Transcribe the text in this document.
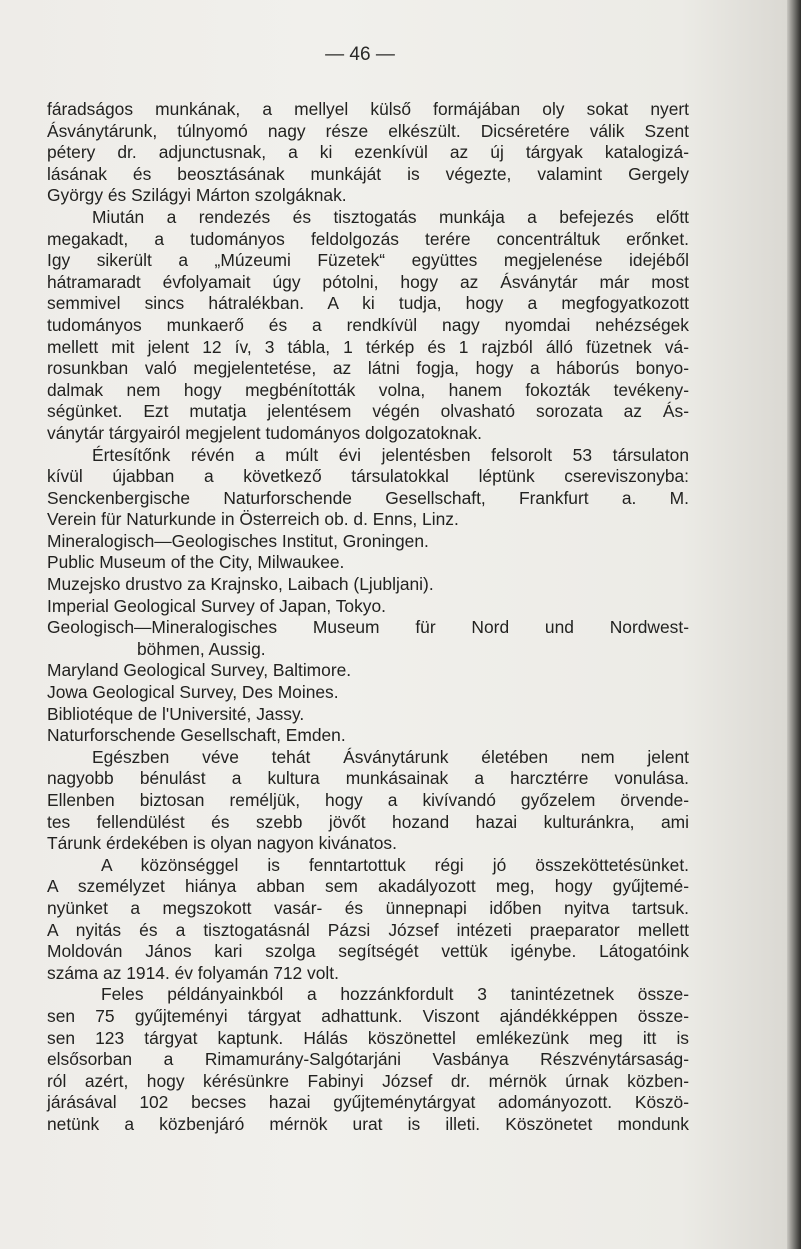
— 46 —
fáradságos munkának, a mellyel külső formájában oly sokat nyert
Ásványtárunk, túlnyomó nagy része elkészült. Dicséretére válik Szent
pétery dr. adjunctusnak, a ki ezenkívül az új tárgyak katalogizá-
lásának és beosztásának munkáját is végezte, valamint Gergely
György és Szilágyi Márton szolgáknak.
Miután a rendezés és tisztogatás munkája a befejezés előtt
megakadt, a tudományos feldolgozás terére concentráltuk erőnket.
Igy sikerült a „Múzeumi Füzetek“ együttes megjelenése idejéből
hátramaradt évfolyamait úgy pótolni, hogy az Ásványtár már most
semmivel sincs hátralékban. A ki tudja, hogy a megfogyatkozott
tudományos munkaerő és a rendkívül nagy nyomdai nehézségek
mellett mit jelent 12 ív, 3 tábla, 1 térkép és 1 rajzból álló füzetnek vá-
rosunkban való megjelentetése, az látni fogja, hogy a háborús bonyo-
dalmak nem hogy megbénították volna, hanem fokozták tevékeny-
ségünket. Ezt mutatja jelentésem végén olvasható sorozata az Ás-
ványtár tárgyairól megjelent tudományos dolgozatoknak.
Értesítőnk révén a múlt évi jelentésben felsorolt 53 társulaton
kívül újabban a következő társulatokkal léptünk csereviszonyba:
Senckenbergische Naturforschende Gesellschaft, Frankfurt a. M.
Verein für Naturkunde in Österreich ob. d. Enns, Linz.
Mineralogisch—Geologisches Institut, Groningen.
Public Museum of the City, Milwaukee.
Muzejsko drustvo za Krajnsko, Laibach (Ljubljani).
Imperial Geological Survey of Japan, Tokyo.
Geologisch—Mineralogisches Museum für Nord und Nordwest-
böhmen, Aussig.
Maryland Geological Survey, Baltimore.
Jowa Geological Survey, Des Moines.
Bibliotéque de l'Université, Jassy.
Naturforschende Gesellschaft, Emden.
Egészben véve tehát Ásványtárunk életében nem jelent
nagyobb bénulást a kultura munkásainak a harcztérre vonulása.
Ellenben biztosan reméljük, hogy a kivívandó győzelem örvende-
tes fellendülést és szebb jövőt hozand hazai kulturánkra, ami
Tárunk érdekében is olyan nagyon kivánatos.
A közönséggel is fenntartottuk régi jó összeköttetésünket.
A személyzet hiánya abban sem akadályozott meg, hogy gyűjtemé-
nyünket a megszokott vasár- és ünnepnapi időben nyitva tartsuk.
A nyitás és a tisztogatásnál Pázsi József intézeti praeparator mellett
Moldován János kari szolga segítségét vettük igénybe. Látogatóink
száma az 1914. év folyamán 712 volt.
Feles példányainkból a hozzánkfordult 3 tanintézetnek össze-
sen 75 gyűjteményi tárgyat adhattunk. Viszont ajándékképpen össze-
sen 123 tárgyat kaptunk. Hálás köszönettel emlékezünk meg itt is
elsősorban a Rimamurány-Salgótarjáni Vasbánya Részvénytársaság-
ról azért, hogy kérésünkre Fabinyi József dr. mérnök úrnak közben-
járásával 102 becses hazai gyűjteménytárgyat adományozott. Köszö-
netünk a közbenjáró mérnök urat is illeti. Köszönetet mondunk
